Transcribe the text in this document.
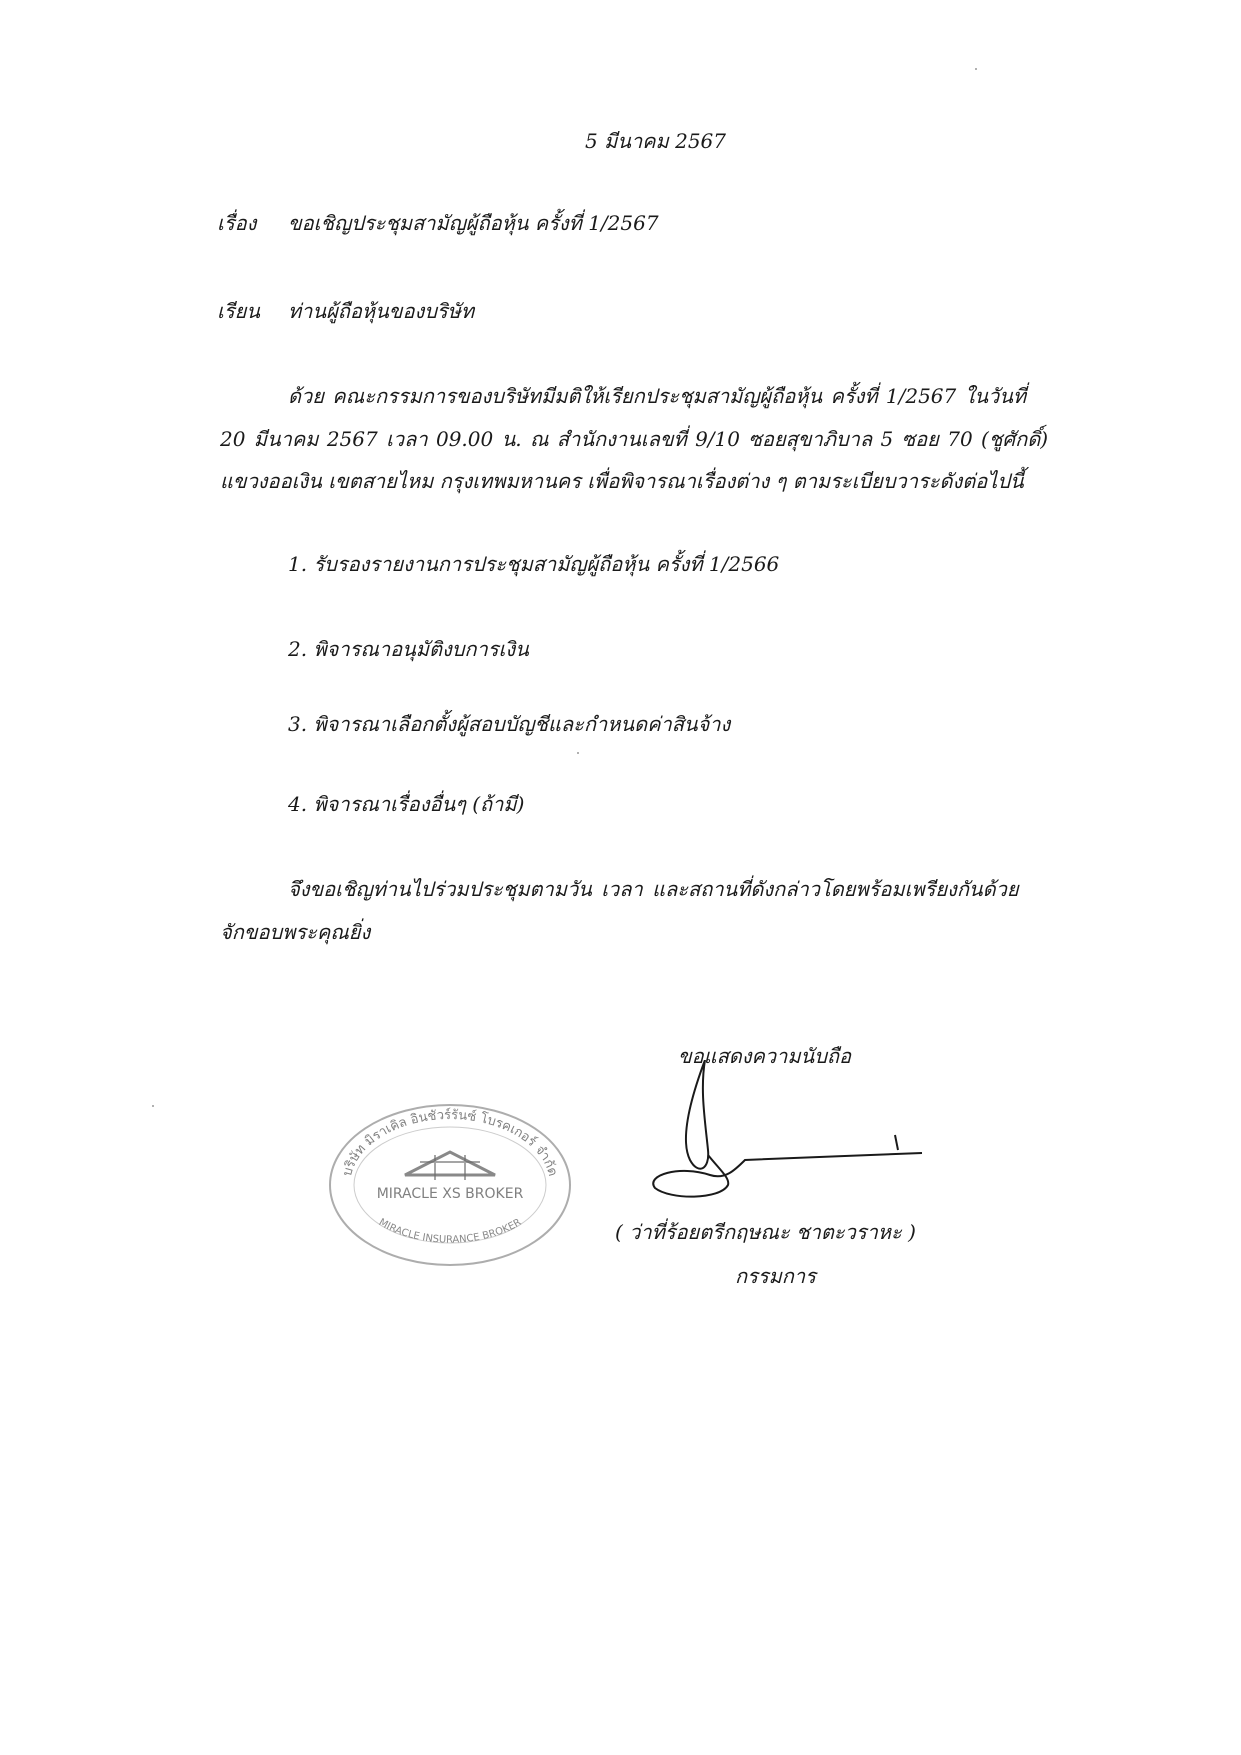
5 มีนาคม 2567
เรื่อง ขอเชิญประชุมสามัญผู้ถือหุ้น ครั้งที่ 1/2567
เรียน ท่านผู้ถือหุ้นของบริษัท
ด้วย คณะกรรมการของบริษัทมีมติให้เรียกประชุมสามัญผู้ถือหุ้น ครั้งที่ 1/2567 ในวันที่
20 มีนาคม 2567 เวลา 09.00 น. ณ สำนักงานเลขที่ 9/10 ซอยสุขาภิบาล 5 ซอย 70 (ชูศักดิ์)
แขวงออเงิน เขตสายไหม กรุงเทพมหานคร เพื่อพิจารณาเรื่องต่าง ๆ ตามระเบียบวาระดังต่อไปนี้
1. รับรองรายงานการประชุมสามัญผู้ถือหุ้น ครั้งที่ 1/2566
2. พิจารณาอนุมัติงบการเงิน
3. พิจารณาเลือกตั้งผู้สอบบัญชีและกำหนดค่าสินจ้าง
4. พิจารณาเรื่องอื่นๆ (ถ้ามี)
จึงขอเชิญท่านไปร่วมประชุมตามวัน เวลา และสถานที่ดังกล่าวโดยพร้อมเพรียงกันด้วย
จักขอบพระคุณยิ่ง
ขอแสดงความนับถือ
บริษัท มิราเคิล อินชัวร์รันซ์ โบรคเกอร์ จำกัด
MIRACLE XS BROKER
MIRACLE INSURANCE BROKER	( ว่าที่ร้อยตรีกฤษณะ ชาตะวราหะ )
กรรมการ
